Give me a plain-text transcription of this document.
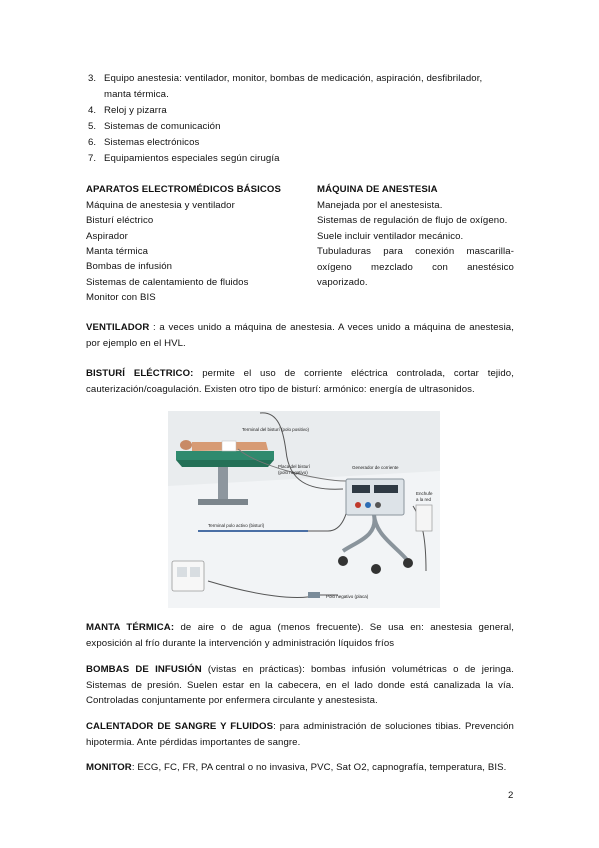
3. Equipo anestesia: ventilador, monitor, bombas de medicación, aspiración, desfibrilador,
manta térmica.
4. Reloj y pizarra
5. Sistemas de comunicación
6. Sistemas electrónicos
7. Equipamientos especiales según cirugía
APARATOS ELECTROMÉDICOS BÁSICOS
Máquina de anestesia y ventilador
Bisturí eléctrico
Aspirador
Manta térmica
Bombas de infusión
Sistemas de calentamiento de fluidos
Monitor con BIS
MÁQUINA DE ANESTESIA
Manejada por el anestesista.
Sistemas de regulación de flujo de oxígeno.
Suele incluir ventilador mecánico.
Tubuladuras para conexión mascarilla-
oxígeno mezclado con anestésico
vaporizado.
VENTILADOR : a veces unido a máquina de anestesia. A veces unido a máquina de anestesia,
por ejemplo en el HVL.
BISTURÍ ELÉCTRICO: permite el uso de corriente eléctrica controlada, cortar tejido,
cauterización/coagulación. Existen otro tipo de bisturí: armónico: energía de ultrasonidos.
Terminal del bisturí (polo positivo)
Placa del bisturí
(polo negativo)
Generador de corriente
Enchufe
a la red
Terminal polo activo (bisturí)
Polo negativo (placa)
MANTA TÉRMICA: de aire o de agua (menos frecuente). Se usa en: anestesia general,
exposición al frío durante la intervención y administración líquidos fríos
BOMBAS DE INFUSIÓN (vistas en prácticas): bombas infusión volumétricas o de jeringa.
Sistemas de presión. Suelen estar en la cabecera, en el lado donde está canalizada la vía.
Controladas conjuntamente por enfermera circulante y anestesista.
CALENTADOR DE SANGRE Y FLUIDOS: para administración de soluciones tibias. Prevención
hipotermia. Ante pérdidas importantes de sangre.
MONITOR: ECG, FC, FR, PA central o no invasiva, PVC, Sat O2, capnografía, temperatura, BIS.
2
